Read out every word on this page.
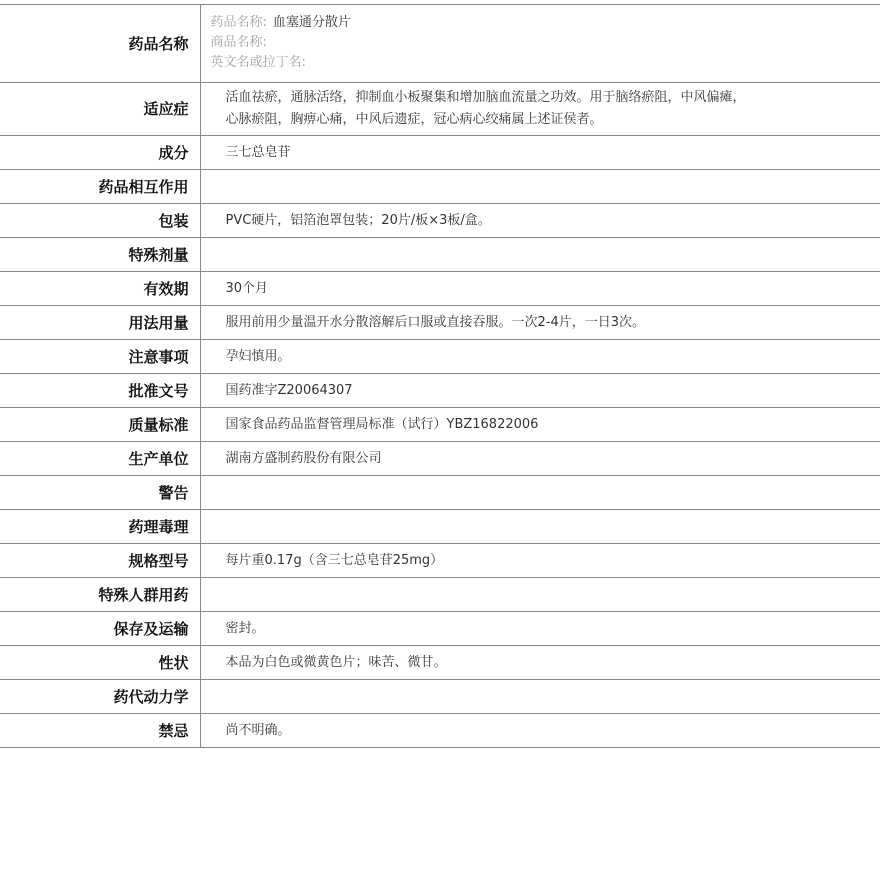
药品名称	药品名称: 血塞通分散片
商品名称:
英文名或拉丁名:

适应症	活血祛瘀，通脉活络，抑制血小板聚集和增加脑血流量之功效。用于脑络瘀阻，中风偏瘫，
心脉瘀阻，胸痹心痛，中风后遗症，冠心病心绞痛属上述证侯者。

成分	三七总皂苷
药品相互作用	
包装	PVC硬片，铝箔泡罩包装；20片/板×3板/盒。
特殊剂量	
有效期	30个月
用法用量	服用前用少量温开水分散溶解后口服或直接吞服。一次2-4片，一日3次。
注意事项	孕妇慎用。
批准文号	国药准字Z20064307
质量标准	国家食品药品监督管理局标准（试行）YBZ16822006
生产单位	湖南方盛制药股份有限公司
警告	
药理毒理	
规格型号	每片重0.17g（含三七总皂苷25mg）
特殊人群用药	
保存及运输	密封。
性状	本品为白色或微黄色片；味苦、微甘。
药代动力学	
禁忌	尚不明确。
